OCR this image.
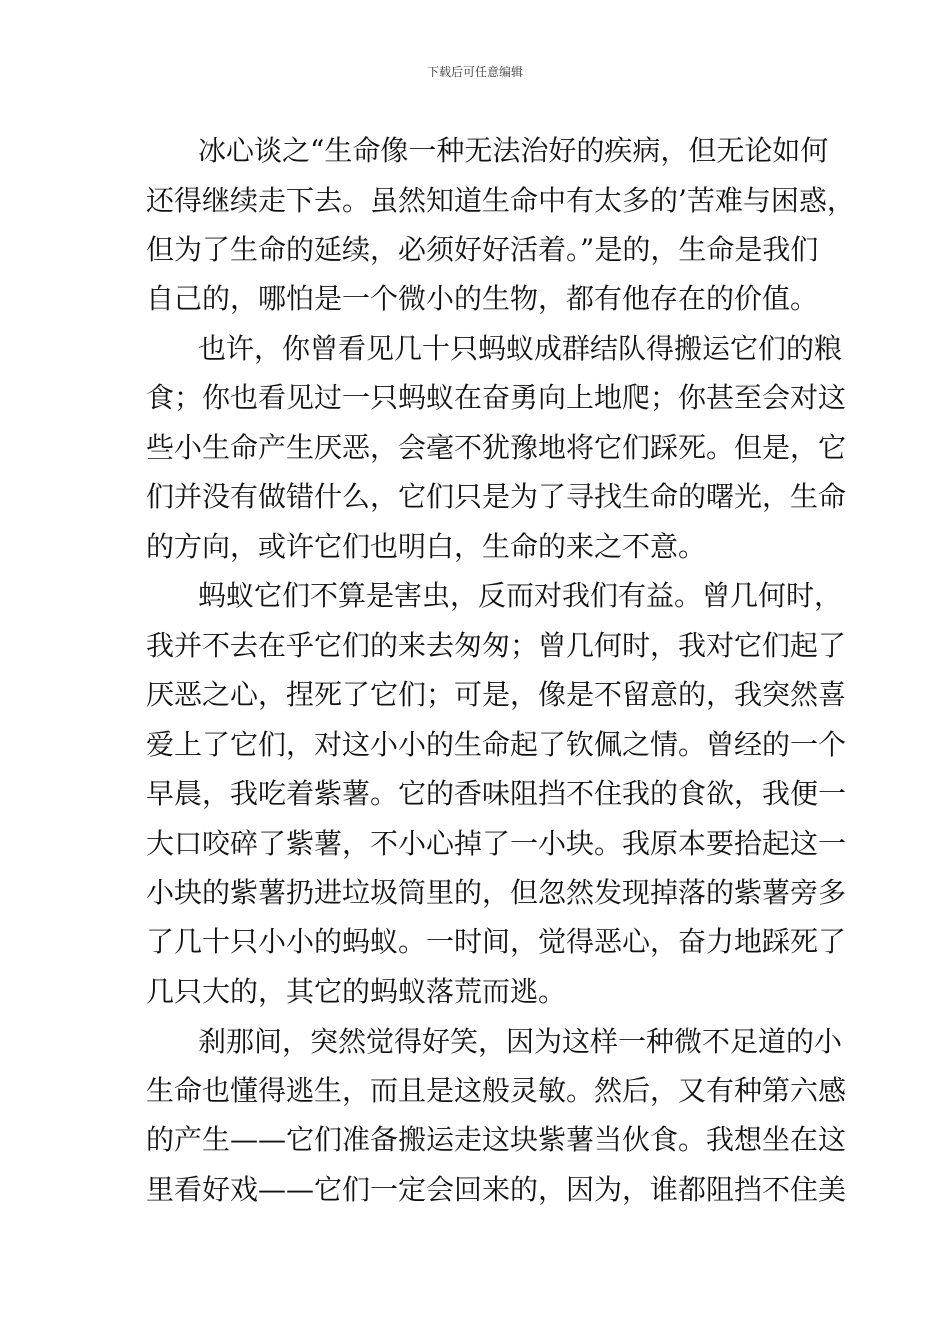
下载后可任意编辑
冰心谈之“生命像一种无法治好的疾病，但无论如何
还得继续走下去。虽然知道生命中有太多的’苦难与困惑，
但为了生命的延续，必须好好活着。”是的，生命是我们
自己的，哪怕是一个微小的生物，都有他存在的价值。
也许，你曾看见几十只蚂蚁成群结队得搬运它们的粮
食；你也看见过一只蚂蚁在奋勇向上地爬；你甚至会对这
些小生命产生厌恶，会毫不犹豫地将它们踩死。但是，它
们并没有做错什么，它们只是为了寻找生命的曙光，生命
的方向，或许它们也明白，生命的来之不意。
蚂蚁它们不算是害虫，反而对我们有益。曾几何时，
我并不去在乎它们的来去匆匆；曾几何时，我对它们起了
厌恶之心，捏死了它们；可是，像是不留意的，我突然喜
爱上了它们，对这小小的生命起了钦佩之情。曾经的一个
早晨，我吃着紫薯。它的香味阻挡不住我的食欲，我便一
大口咬碎了紫薯，不小心掉了一小块。我原本要拾起这一
小块的紫薯扔进垃圾筒里的，但忽然发现掉落的紫薯旁多
了几十只小小的蚂蚁。一时间，觉得恶心，奋力地踩死了
几只大的，其它的蚂蚁落荒而逃。
刹那间，突然觉得好笑，因为这样一种微不足道的小
生命也懂得逃生，而且是这般灵敏。然后，又有种第六感
的产生——它们准备搬运走这块紫薯当伙食。我想坐在这
里看好戏——它们一定会回来的，因为，谁都阻挡不住美
